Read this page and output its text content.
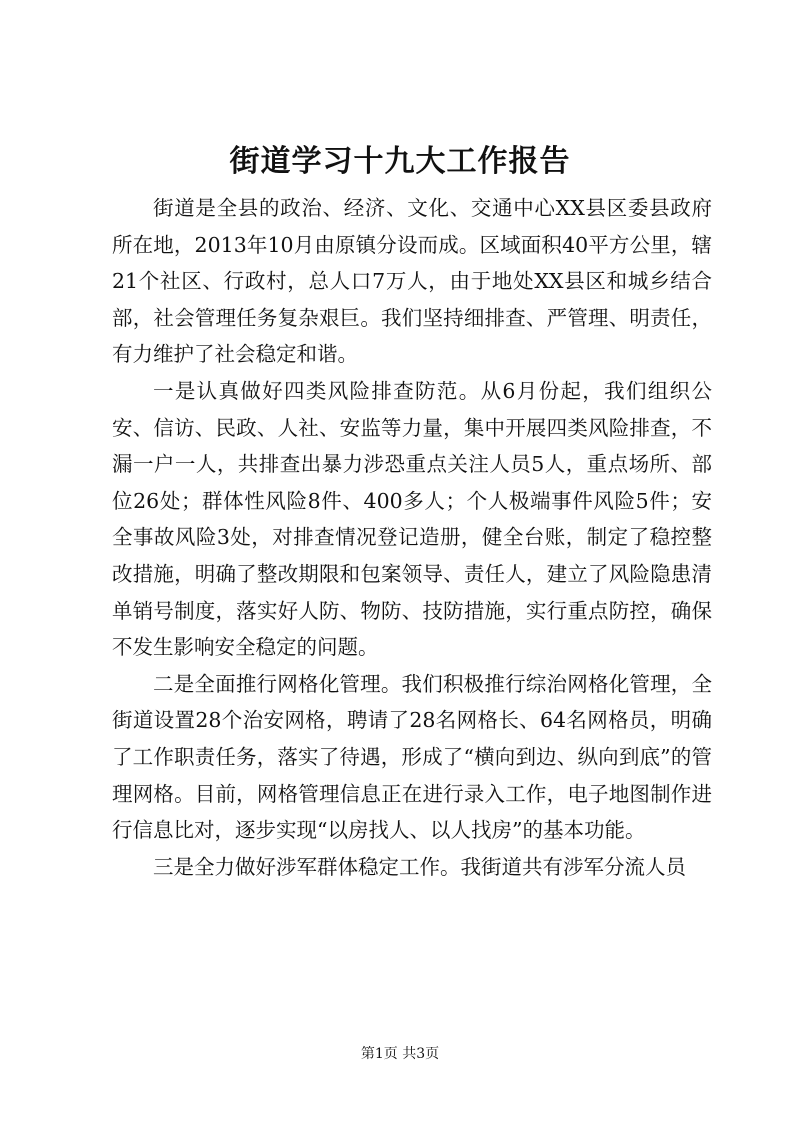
街道学习十九大工作报告

街道是全县的政治、经济、文化、交通中心XX县区委县政府所在地，2013年10月由原镇分设而成。区域面积40平方公里，辖21个社区、行政村，总人口7万人，由于地处XX县区和城乡结合部，社会管理任务复杂艰巨。我们坚持细排查、严管理、明责任，有力维护了社会稳定和谐。

一是认真做好四类风险排查防范。从6月份起，我们组织公安、信访、民政、人社、安监等力量，集中开展四类风险排查，不漏一户一人，共排查出暴力涉恐重点关注人员5人，重点场所、部位26处；群体性风险8件、400多人；个人极端事件风险5件；安全事故风险3处，对排查情况登记造册，健全台账，制定了稳控整改措施，明确了整改期限和包案领导、责任人，建立了风险隐患清单销号制度，落实好人防、物防、技防措施，实行重点防控，确保不发生影响安全稳定的问题。

二是全面推行网格化管理。我们积极推行综治网格化管理，全街道设置28个治安网格，聘请了28名网格长、64名网格员，明确了工作职责任务，落实了待遇，形成了“横向到边、纵向到底”的管理网格。目前，网格管理信息正在进行录入工作，电子地图制作进行信息比对，逐步实现“以房找人、以人找房”的基本功能。

三是全力做好涉军群体稳定工作。我街道共有涉军分流人员

第1页 共3页
